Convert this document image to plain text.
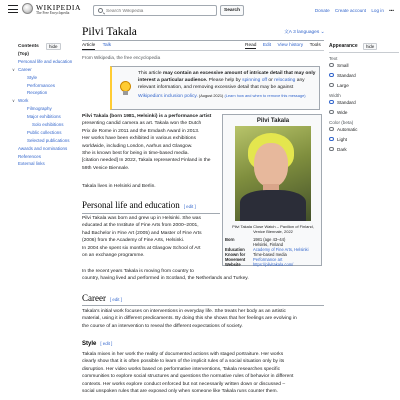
WIKIPEDIA
The Free Encyclopedia
Search Wikipedia	Search	Donate Create account Log in •••
Pilvi Takala	文A 3 languages ⌄
Article Talk	Read Edit View history Tools
From Wikipedia, the free encyclopedia
Contents	hide
(Top)
Personal life and education
∨ Career
Style
Performances
Reception
∨ Work
Filmography
Major exhibitions
Solo exhibitions
Public collections
Selected publications
Awards and nominations
References
External links
Appearance	hide
Text
Small
Standard
Large
Width
Standard
Wide
Color (beta)
Automatic
Light
Dark
This article may contain an excessive amount of intricate detail that may only interest a particular audience. Please help by spinning off or relocating any relevant information, and removing excessive detail that may be against Wikipedia's inclusion policy. (August 2021) (Learn how and when to remove this message)
Pilvi Takala (born 1981, Helsinki) is a performance artist
presenting candid camera as art. Takala won the Dutch
Prix de Rome in 2011 and the Emdash Award in 2013.
Her works have been exhibited in various exhibitions
worldwide, including London, Aarhus and Glasgow.
She is known best for being in time-based media.
[citation needed] In 2022, Takala represented Finland in the
59th Venice Biennale.
Takala lives in Helsinki and Berlin.
Personal life and education [ edit ]
Pilvi Takala was born and grew up in Helsinki. She was
educated at the Institute of Fine Arts from 2000–2001,
had Bachelor in Fine Art (2005) and Master of Fine Arts
(2006) from the Academy of Fine Arts, Helsinki.
In 2004 she spent six months at Glasgow School of Art
on an exchange programme.
In the recent years Takala is moving from country to
country, having lived and performed in Scotland, the Netherlands and Turkey.
Career [ edit ]
Takala's initial work focuses on interventions in everyday life. She treats her body as an artistic
material, using it in different predicaments. By doing this she shows that her feelings are evolving in
the course of an intervention to reveal the different expectations of society.
Style [ edit ]
Takala mixes in her work the reality of documented actions with staged portraiture. Her works
clearly show that it is often possible to learn of the implicit rules of a social situation only by its
disruption. Her video works based on performative interventions, Takala researches specific
communities to explore social structures and questions the normative rules of behavior in different
contexts. Her works explore conduct enforced but not necessarily written down or discussed –
social unspoken rules that are exposed only when someone like Takala runs counter them.
Pilvi Takala
Pilvi Takala Close Watch – Pavilion of Finland, Venice Biennale, 2022
Born	1981 (age 43–44)
Helsinki, Finland
Education	Academy of Fine Arts, Helsinki
Known for	Time-based media
Movement	Performance art
Website	https://pilvitakala.com/
